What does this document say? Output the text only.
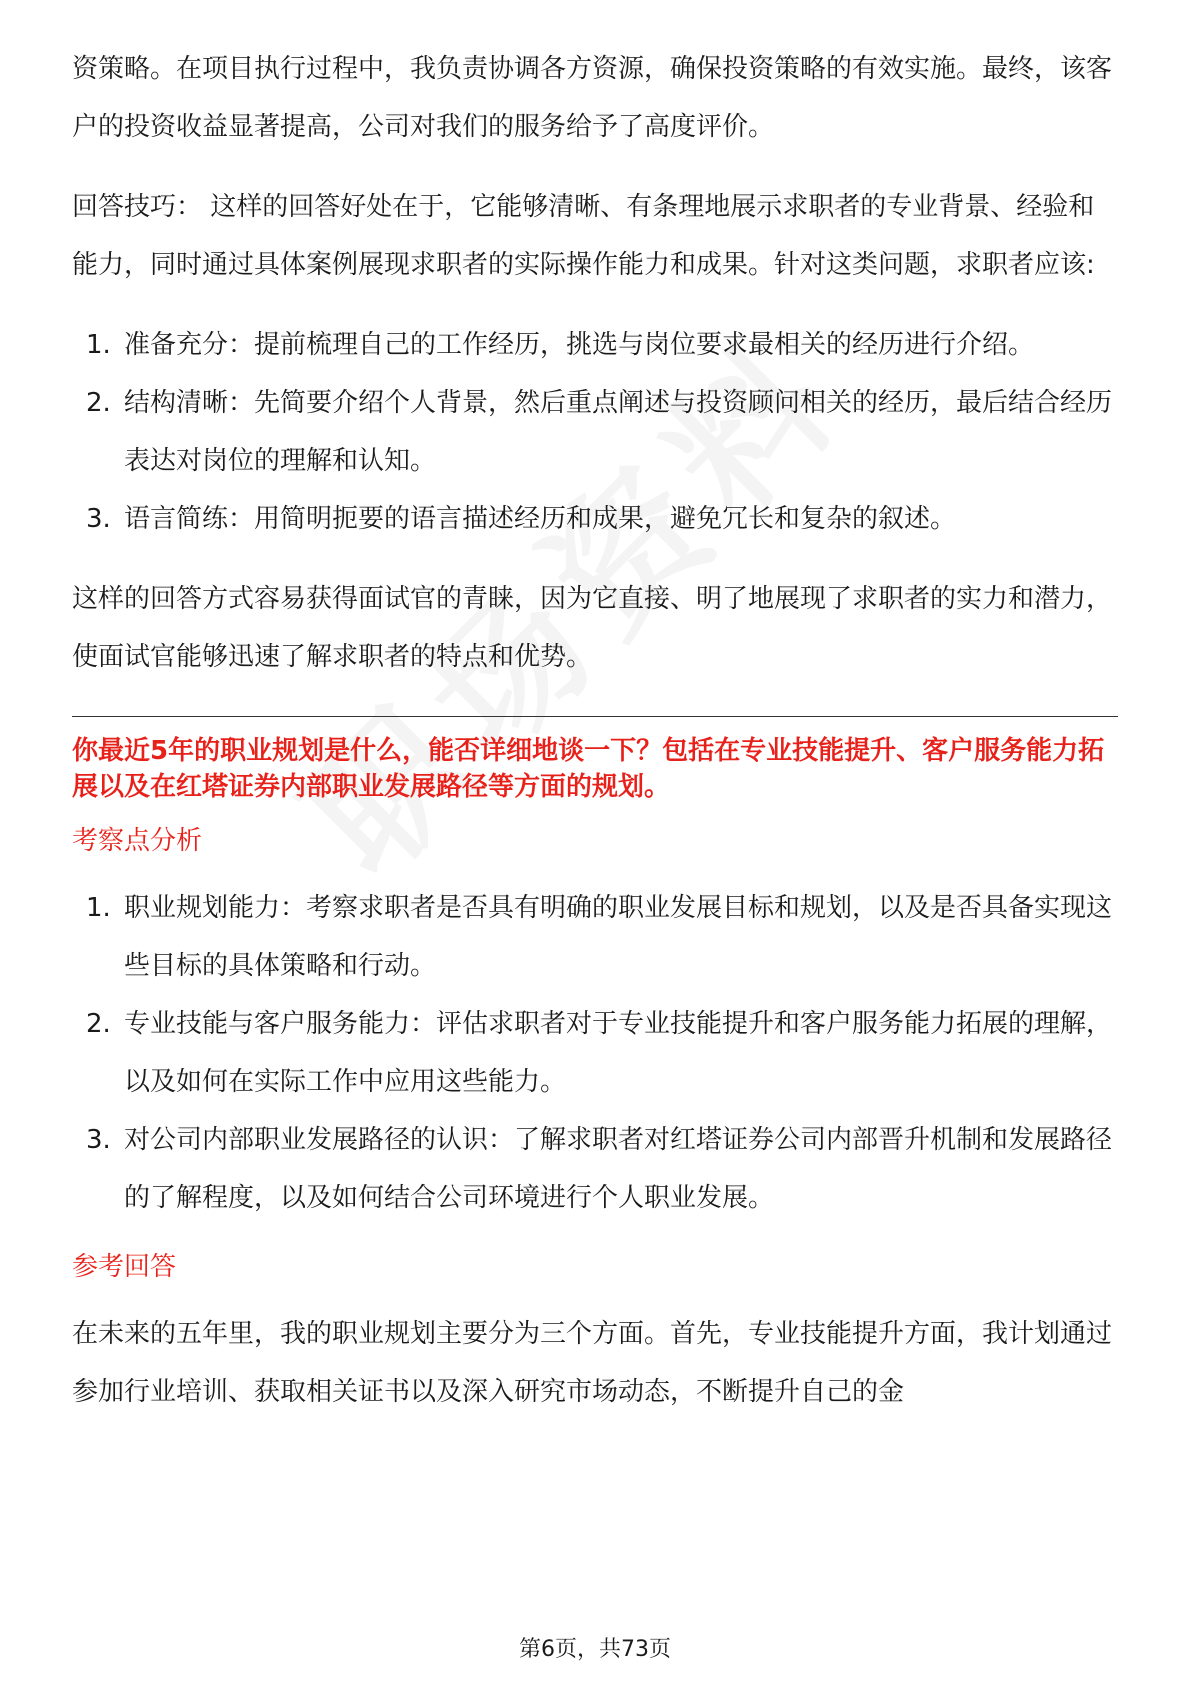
资策略。在项目执行过程中，我负责协调各方资源，确保投资策略的有效实施。最终，该客户的投资收益显著提高，公司对我们的服务给予了高度评价。

回答技巧： 这样的回答好处在于，它能够清晰、有条理地展示求职者的专业背景、经验和能力，同时通过具体案例展现求职者的实际操作能力和成果。针对这类问题，求职者应该:

1. 准备充分：提前梳理自己的工作经历，挑选与岗位要求最相关的经历进行介绍。
2. 结构清晰：先简要介绍个人背景，然后重点阐述与投资顾问相关的经历，最后结合经历表达对岗位的理解和认知。
3. 语言简练：用简明扼要的语言描述经历和成果，避免冗长和复杂的叙述。

这样的回答方式容易获得面试官的青睐，因为它直接、明了地展现了求职者的实力和潜力，使面试官能够迅速了解求职者的特点和优势。

你最近5年的职业规划是什么，能否详细地谈一下？包括在专业技能提升、客户服务能力拓展以及在红塔证券内部职业发展路径等方面的规划。

考察点分析

1. 职业规划能力：考察求职者是否具有明确的职业发展目标和规划，以及是否具备实现这些目标的具体策略和行动。
2. 专业技能与客户服务能力：评估求职者对于专业技能提升和客户服务能力拓展的理解，以及如何在实际工作中应用这些能力。
3. 对公司内部职业发展路径的认识：了解求职者对红塔证券公司内部晋升机制和发展路径的了解程度，以及如何结合公司环境进行个人职业发展。

参考回答

在未来的五年里，我的职业规划主要分为三个方面。首先，专业技能提升方面，我计划通过参加行业培训、获取相关证书以及深入研究市场动态，不断提升自己的金

第6页，共73页
